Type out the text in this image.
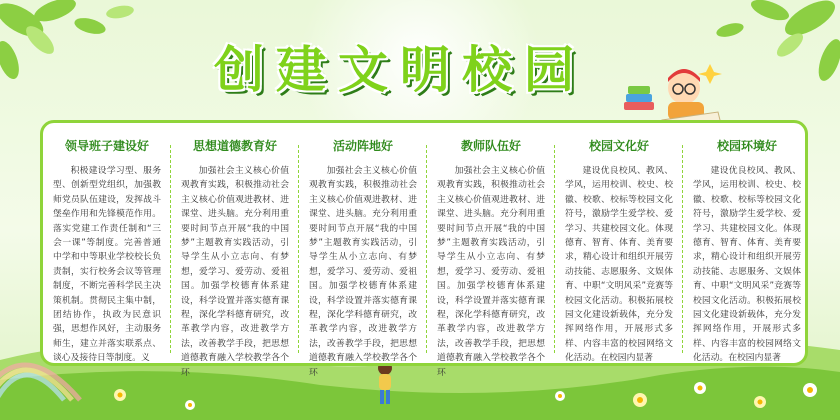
创建文明校园
领导班子建设好
积极建设学习型、服务型、创新型党组织，加强教师党员队伍建设，发挥战斗堡垒作用和先锋模范作用。落实党建工作责任制和“三会一课”等制度。完善普通中学和中等职业学校校长负责制，实行校务会议等管理制度，不断完善科学民主决策机制。贯彻民主集中制，团结协作，执政为民意识强，思想作风好，主动服务师生，建立并落实联系点、谈心及接待日等制度。义
思想道德教育好
加强社会主义核心价值观教育实践，积极推动社会主义核心价值观进教材、进课堂、进头脑。充分利用重要时间节点开展“我的中国梦”主题教育实践活动，引导学生从小立志向、有梦想，爱学习、爱劳动、爱祖国。加强学校德育体系建设，科学设置并落实德育课程，深化学科德育研究，改革教学内容，改进教学方法，改善教学手段，把思想道德教育融入学校教学各个环
活动阵地好
加强社会主义核心价值观教育实践，积极推动社会主义核心价值观进教材、进课堂、进头脑。充分利用重要时间节点开展“我的中国梦”主题教育实践活动，引导学生从小立志向、有梦想，爱学习、爱劳动、爱祖国。加强学校德育体系建设，科学设置并落实德育课程，深化学科德育研究，改革教学内容，改进教学方法，改善教学手段，把思想道德教育融入学校教学各个环
教师队伍好
加强社会主义核心价值观教育实践，积极推动社会主义核心价值观进教材、进课堂、进头脑。充分利用重要时间节点开展“我的中国梦”主题教育实践活动，引导学生从小立志向、有梦想，爱学习、爱劳动、爱祖国。加强学校德育体系建设，科学设置并落实德育课程，深化学科德育研究，改革教学内容，改进教学方法，改善教学手段，把思想道德教育融入学校教学各个环
校园文化好
建设优良校风、教风、学风，运用校训、校史、校徽、校歌、校标等校园文化符号，激励学生爱学校、爱学习、共建校园文化。体现德育、智育、体育、美育要求，精心设计和组织开展劳动技能、志愿服务、文娱体育、中职“文明风采”竞赛等校园文化活动。积极拓展校园文化建设新载体，充分发挥网络作用，开展形式多样、内容丰富的校园网络文化活动。在校园内显著
校园环境好
建设优良校风、教风、学风，运用校训、校史、校徽、校歌、校标等校园文化符号，激励学生爱学校、爱学习、共建校园文化。体现德育、智育、体育、美育要求，精心设计和组织开展劳动技能、志愿服务、文娱体育、中职“文明风采”竞赛等校园文化活动。积极拓展校园文化建设新载体，充分发挥网络作用，开展形式多样、内容丰富的校园网络文化活动。在校园内显著
